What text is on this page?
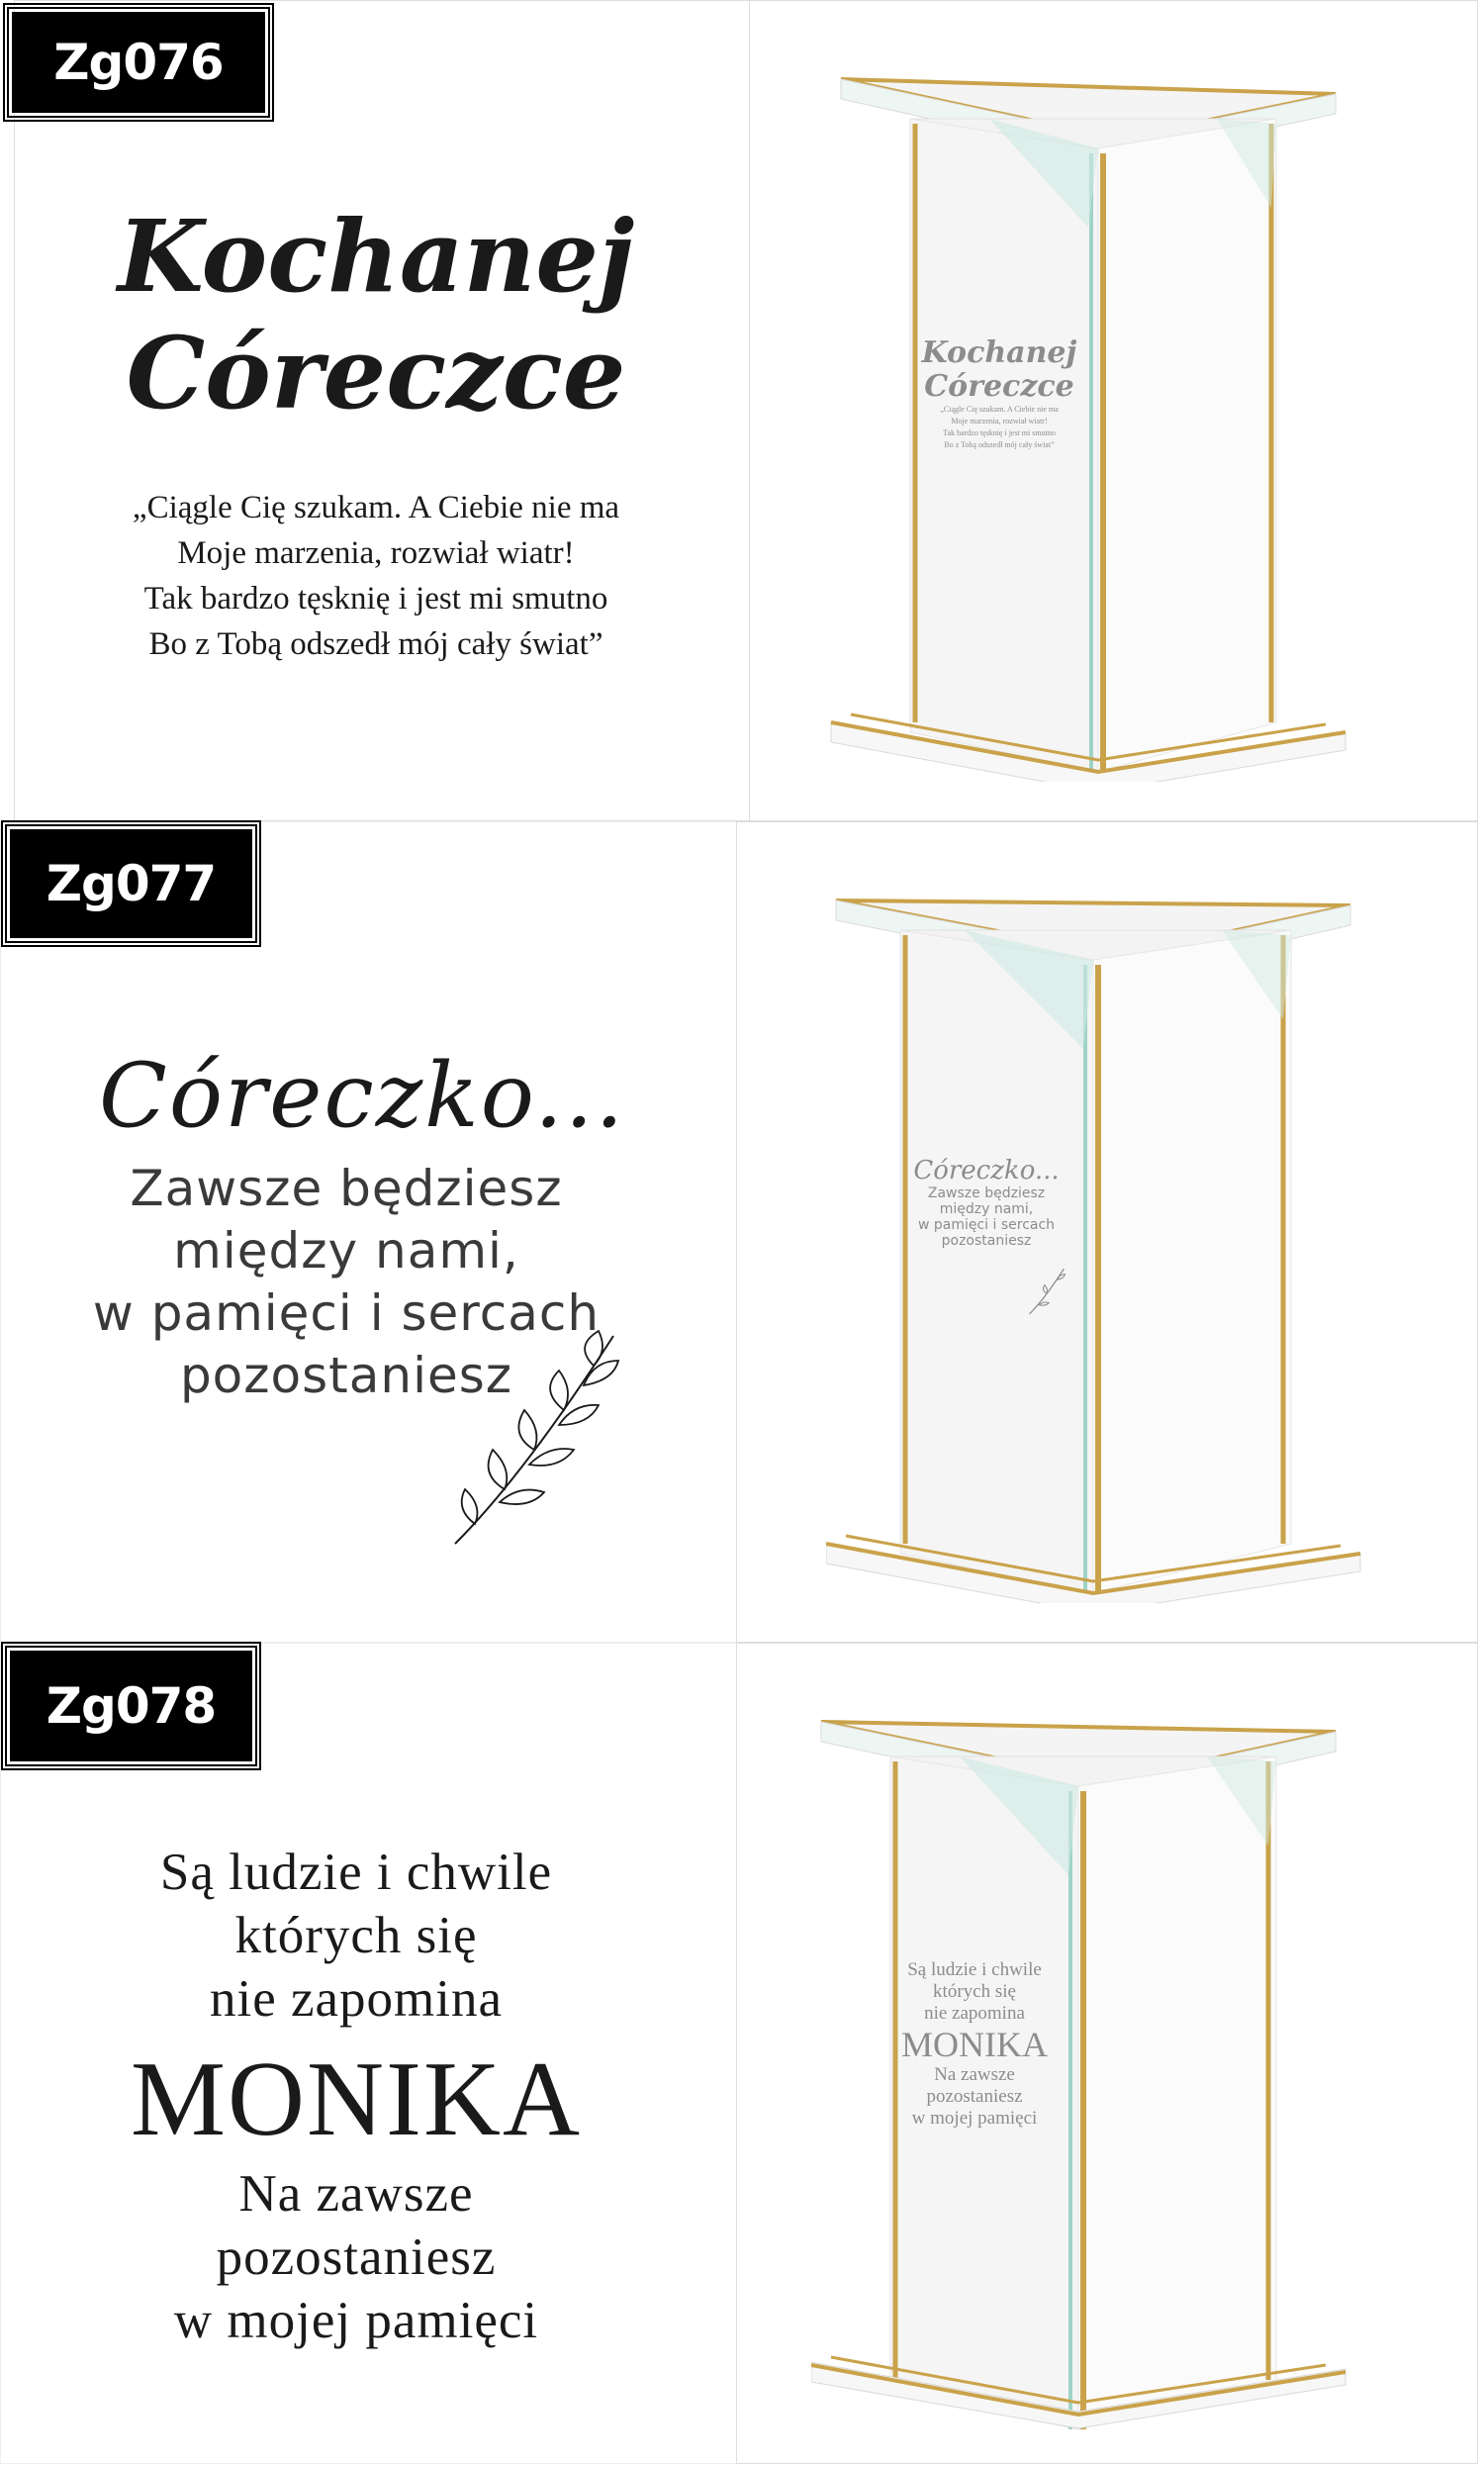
Zg076
Kochanej
Córeczce
„Ciągle Cię szukam. A Ciebie nie ma
Moje marzenia, rozwiał wiatr!
Tak bardzo tęsknię i jest mi smutno
Bo z Tobą odszedł mój cały świat”
Kochanej
Córeczce
„Ciągle Cię szukam. A Ciebie nie ma
Moje marzenia, rozwiał wiatr!
Tak bardzo tęsknię i jest mi smutno
Bo z Tobą odszedł mój cały świat”
Zg077
Córeczko...
Zawsze będziesz
między nami,
w pamięci i sercach
pozostaniesz
Córeczko...
Zawsze będziesz
między nami,
w pamięci i sercach
pozostaniesz
Zg078
Są ludzie i chwile
których się
nie zapomina
MONIKA
Na zawsze
pozostaniesz
w mojej pamięci
Są ludzie i chwile
których się
nie zapomina
MONIKA
Na zawsze
pozostaniesz
w mojej pamięci
